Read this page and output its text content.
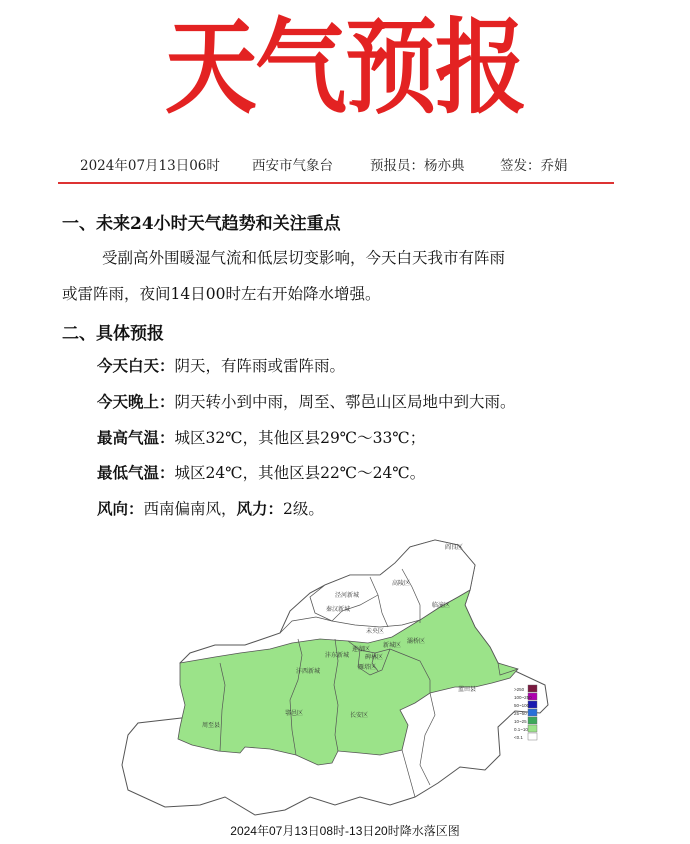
天气预报
2024年07月13日06时 西安市气象台	预报员：杨亦典	签发：乔娟
一、未来24小时天气趋势和关注重点
受副高外围暖湿气流和低层切变影响，今天白天我市有阵雨
或雷阵雨，夜间14日00时左右开始降水增强。
二、具体预报
今天白天：阴天，有阵雨或雷阵雨。
今天晚上：阴天转小到中雨，周至、鄠邑山区局地中到大雨。
最高气温：城区32℃，其他区县29℃～33℃；
最低气温：城区24℃，其他区县22℃～24℃。
风向：西南偏南风，风力：2级。
阎良区
高陵区
泾河新城
临潼区
秦汉新城
未央区
沣东新城
莲湖区
新城区
灞桥区
碑林区
雁塔区
沣西新城
长安区
蓝田县
鄠邑区
周至县
>250
100~250
50~100
25~50
10~25
0.1~10
<0.1
2024年07月13日08时-13日20时降水落区图
